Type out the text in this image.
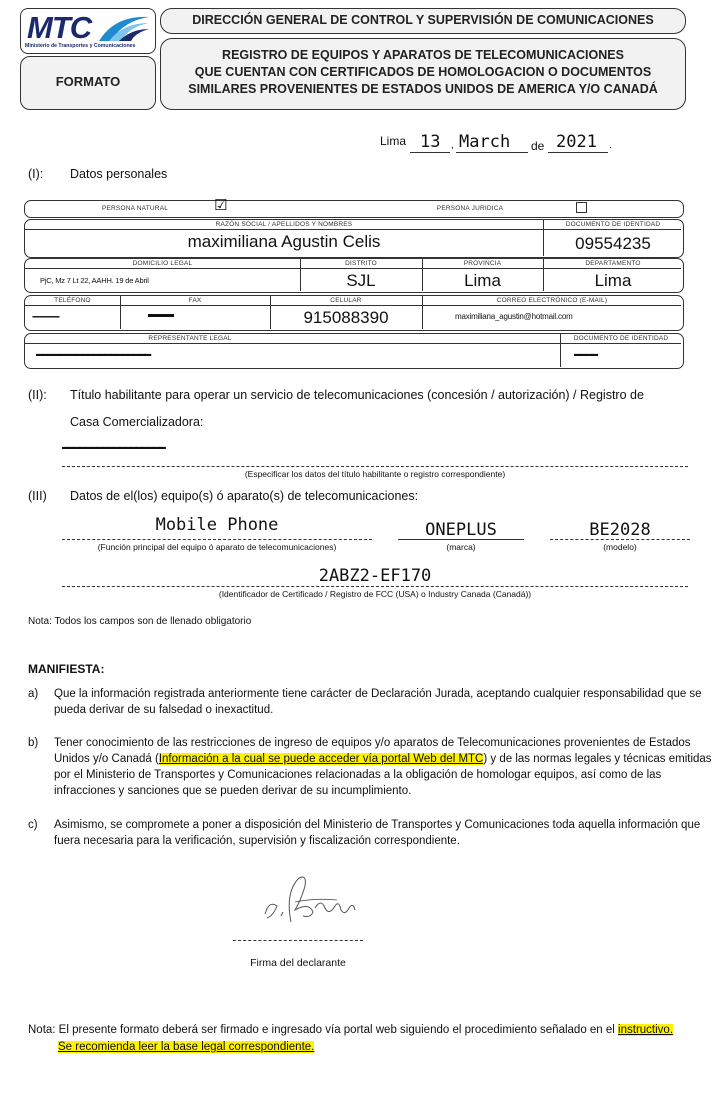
MTC
Ministerio de Transportes y Comunicaciones
FORMATO
DIRECCIÓN GENERAL DE CONTROL Y SUPERVISIÓN DE COMUNICACIONES
REGISTRO DE EQUIPOS Y APARATOS DE TELECOMUNICACIONES
QUE CUENTAN CON CERTIFICADOS DE HOMOLOGACION O DOCUMENTOS
SIMILARES PROVENIENTES DE ESTADOS UNIDOS DE AMERICA Y/O CANADÁ
Lima 13 , March de 2021 .
(I): Datos personales
PERSONA NATURAL	☑	PERSONA JURIDICA
RAZÓN SOCIAL / APELLIDOS Y NOMBRES	DOCUMENTO DE IDENTIDAD
maximiliana Agustin Celis	09554235
DOMICILIO LEGAL	DISTRITO	PROVINCIA	DEPARTAMENTO
PjC, Mz 7 Lt 22, AAHH. 19 de Abril	SJL	Lima	Lima
TELÉFONO	FAX	CELULAR	CORREO ELECTRÓNICO (E-MAIL)
---------	▬▬▬	915088390	maximiliana_agustin@hotmail.com
REPRESENTANTE LEGAL	DOCUMENTO DE IDENTIDAD
▬▬▬▬▬▬▬▬▬▬▬▬▬▬▬▬▬▬▬▬	▬▬▬▬
(II): Título habilitante para operar un servicio de telecomunicaciones (concesión / autorización) / Registro de
Casa Comercializadora:
▬▬▬▬▬▬▬▬▬▬▬▬▬▬▬▬▬▬
(Especificar los datos del título habilitante o registro correspondiente)
(III) Datos de el(los) equipo(s) ó aparato(s) de telecomunicaciones:
Mobile Phone
(Función principal del equipo ó aparato de telecomunicaciones)
ONEPLUS
(marca)
BE2028
(modelo)
2ABZ2-EF170
(Identificador de Certificado / Registro de FCC (USA) o Industry Canada (Canadá))
Nota: Todos los campos son de llenado obligatorio
MANIFIESTA:
a) Que la información registrada anteriormente tiene carácter de Declaración Jurada, aceptando cualquier responsabilidad que se pueda derivar de su falsedad o inexactitud.
b) Tener conocimiento de las restricciones de ingreso de equipos y/o aparatos de Telecomunicaciones provenientes de Estados Unidos y/o Canadá (Información a la cual se puede acceder vía portal Web del MTC) y de las normas legales y técnicas emitidas por el Ministerio de Transportes y Comunicaciones relacionadas a la obligación de homologar equipos, así como de las infracciones y sanciones que se pueden derivar de su incumplimiento.
c) Asimismo, se compromete a poner a disposición del Ministerio de Transportes y Comunicaciones toda aquella información que fuera necesaria para la verificación, supervisión y fiscalización correspondiente.
Firma del declarante
Nota: El presente formato deberá ser firmado e ingresado vía portal web siguiendo el procedimiento señalado en el instructivo.
Se recomienda leer la base legal correspondiente.
